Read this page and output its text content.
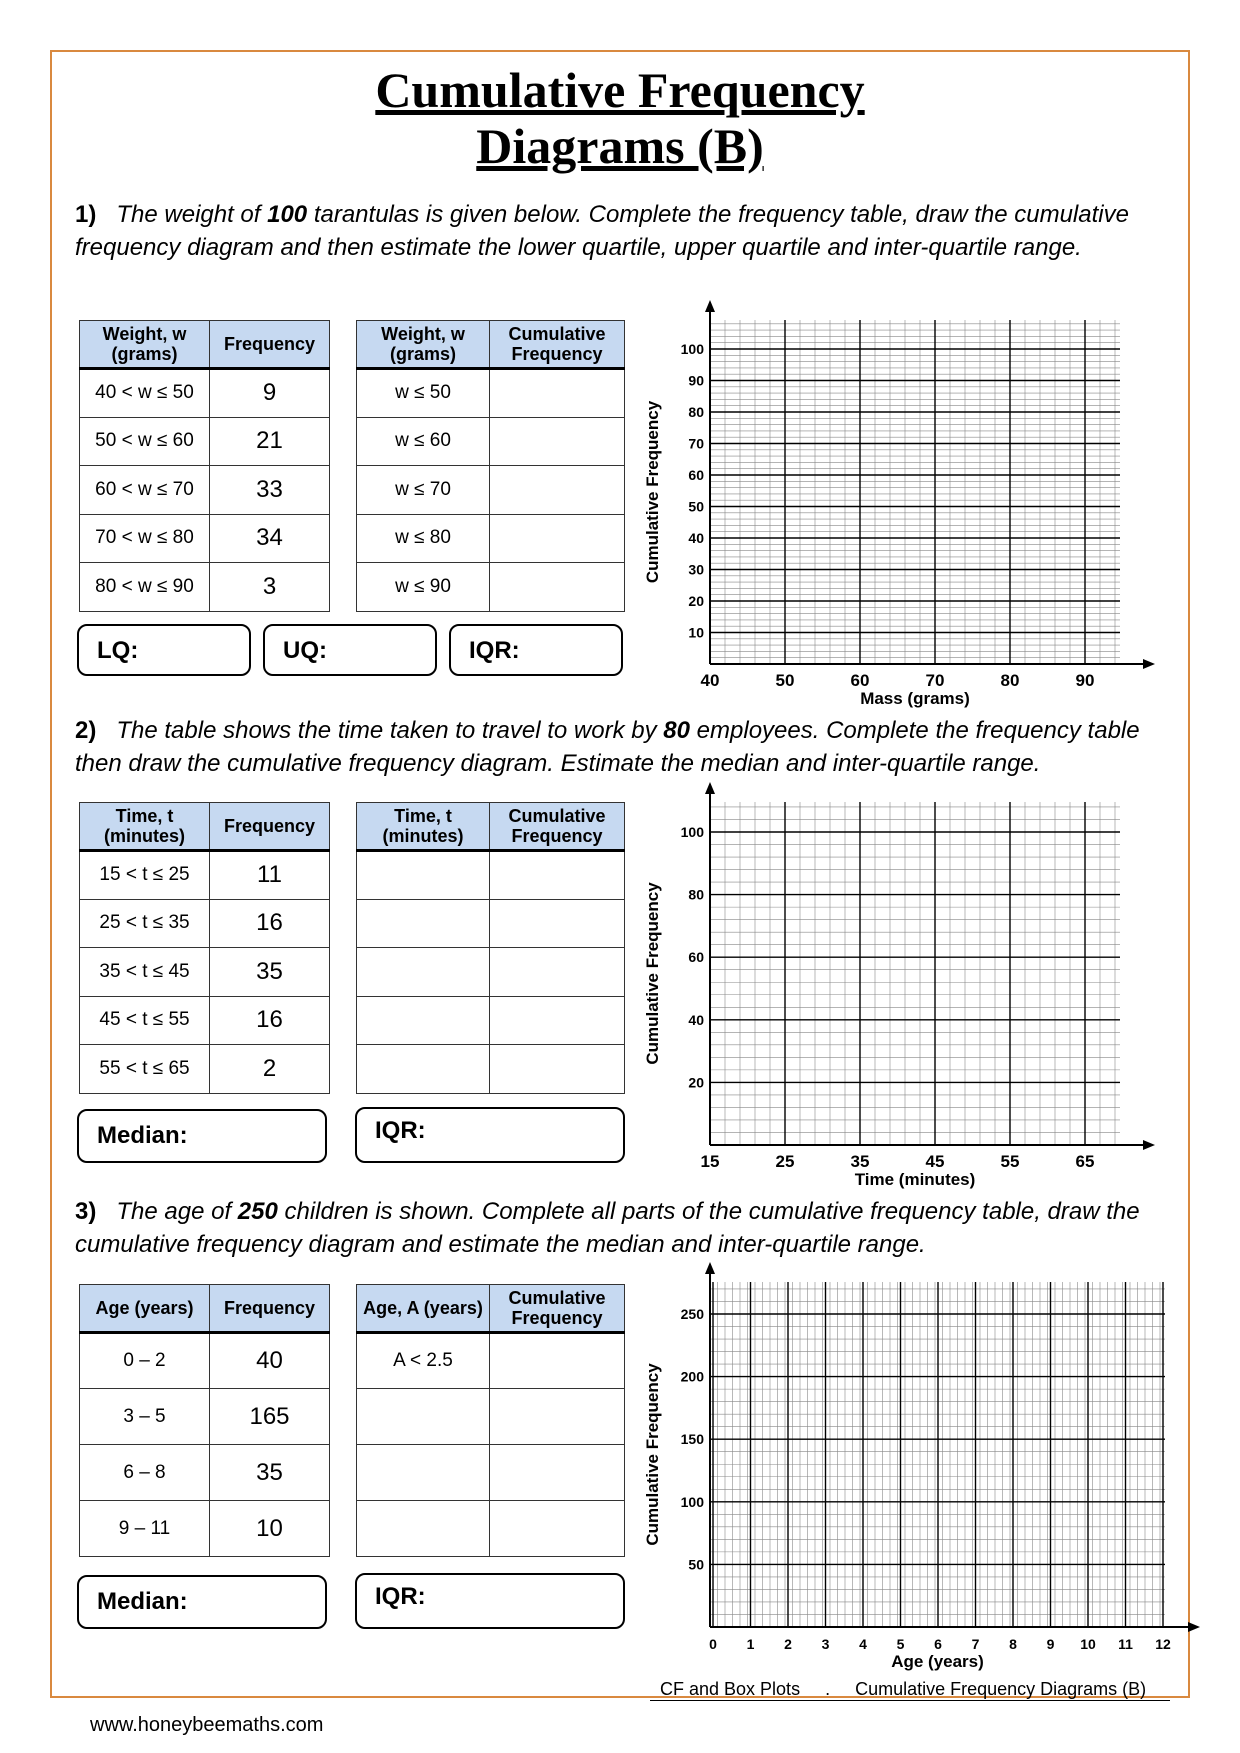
Cumulative Frequency
Diagrams (B)
1) The weight of 100 tarantulas is given below. Complete the frequency table, draw the cumulative frequency diagram and then estimate the lower quartile, upper quartile and inter-quartile range.
2) The table shows the time taken to travel to work by 80 employees. Complete the frequency table then draw the cumulative frequency diagram. Estimate the median and inter-quartile range.
3) The age of 250 children is shown. Complete all parts of the cumulative frequency table, draw the cumulative frequency diagram and estimate the median and inter-quartile range.
LQ:	UQ:	IQR:
Median:	IQR:
Median:	IQR:
CF and Box Plots     .     Cumulative Frequency Diagrams (B)
www.honeybeemaths.com
Weight, w (grams)	Frequency
40 < w ≤ 50	9
50 < w ≤ 60	21
60 < w ≤ 70	33
70 < w ≤ 80	34
80 < w ≤ 90	3
Weight, w (grams)	Cumulative Frequency
w ≤ 50	
w ≤ 60	
w ≤ 70	
w ≤ 80	
w ≤ 90	
Time, t (minutes)	Frequency
15 < t ≤ 25	11
25 < t ≤ 35	16
35 < t ≤ 45	35
45 < t ≤ 55	16
55 < t ≤ 65	2
Time, t (minutes)	Cumulative Frequency

Age (years)	Frequency
0 – 2	40
3 – 5	165
6 – 8	35
9 – 11	10
Age, A (years)	Cumulative Frequency
A < 2.5	

40	50	60	70	80	90
10
20
30
40
50
60
70
80
90
100
Mass (grams)
Cumulative Frequency
15	25	35	45	55	65
20
40
60
80
100
Time (minutes)
Cumulative Frequency
0 1 2 3 4 5 6 7 8 9 10 11 12
50
100
150
200
250
Age (years)
Cumulative Frequency
